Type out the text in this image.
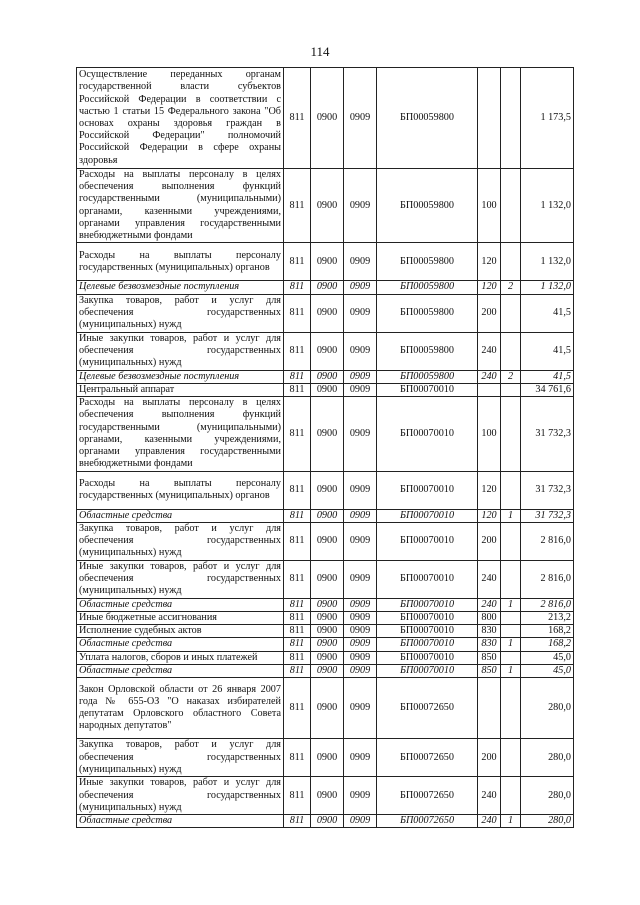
114
Осуществление переданных органам государственной власти субъектов Российской Федерации в соответствии с частью 1 статьи 15 Федерального закона "Об основах охраны здоровья граждан в Российской Федерации" полномочий Российской Федерации в сфере охраны здоровья	811	0900	0909	БП00059800			1 173,5
Расходы на выплаты персоналу в целях обеспечения выполнения функций государственными (муниципальными) органами, казенными учреждениями, органами управления государственными внебюджетными фондами	811	0900	0909	БП00059800	100		1 132,0
Расходы на выплаты персоналу государственных (муниципальных) органов	811	0900	0909	БП00059800	120		1 132,0
Целевые безвозмездные поступления	811	0900	0909	БП00059800	120	2	1 132,0
Закупка товаров, работ и услуг для обеспечения государственных (муниципальных) нужд	811	0900	0909	БП00059800	200		41,5
Иные закупки товаров, работ и услуг для обеспечения государственных (муниципальных) нужд	811	0900	0909	БП00059800	240		41,5
Целевые безвозмездные поступления	811	0900	0909	БП00059800	240	2	41,5
Центральный аппарат	811	0900	0909	БП00070010			34 761,6
Расходы на выплаты персоналу в целях обеспечения выполнения функций государственными (муниципальными) органами, казенными учреждениями, органами управления государственными внебюджетными фондами	811	0900	0909	БП00070010	100		31 732,3
Расходы на выплаты персоналу государственных (муниципальных) органов	811	0900	0909	БП00070010	120		31 732,3
Областные средства	811	0900	0909	БП00070010	120	1	31 732,3
Закупка товаров, работ и услуг для обеспечения государственных (муниципальных) нужд	811	0900	0909	БП00070010	200		2 816,0
Иные закупки товаров, работ и услуг для обеспечения государственных (муниципальных) нужд	811	0900	0909	БП00070010	240		2 816,0
Областные средства	811	0900	0909	БП00070010	240	1	2 816,0
Иные бюджетные ассигнования	811	0900	0909	БП00070010	800		213,2
Исполнение судебных актов	811	0900	0909	БП00070010	830		168,2
Областные средства	811	0900	0909	БП00070010	830	1	168,2
Уплата налогов, сборов и иных платежей	811	0900	0909	БП00070010	850		45,0
Областные средства	811	0900	0909	БП00070010	850	1	45,0
Закон Орловской области от 26 января 2007 года № 655-ОЗ "О наказах избирателей депутатам Орловского областного Совета народных депутатов"	811	0900	0909	БП00072650			280,0
Закупка товаров, работ и услуг для обеспечения государственных (муниципальных) нужд	811	0900	0909	БП00072650	200		280,0
Иные закупки товаров, работ и услуг для обеспечения государственных (муниципальных) нужд	811	0900	0909	БП00072650	240		280,0
Областные средства	811	0900	0909	БП00072650	240	1	280,0
